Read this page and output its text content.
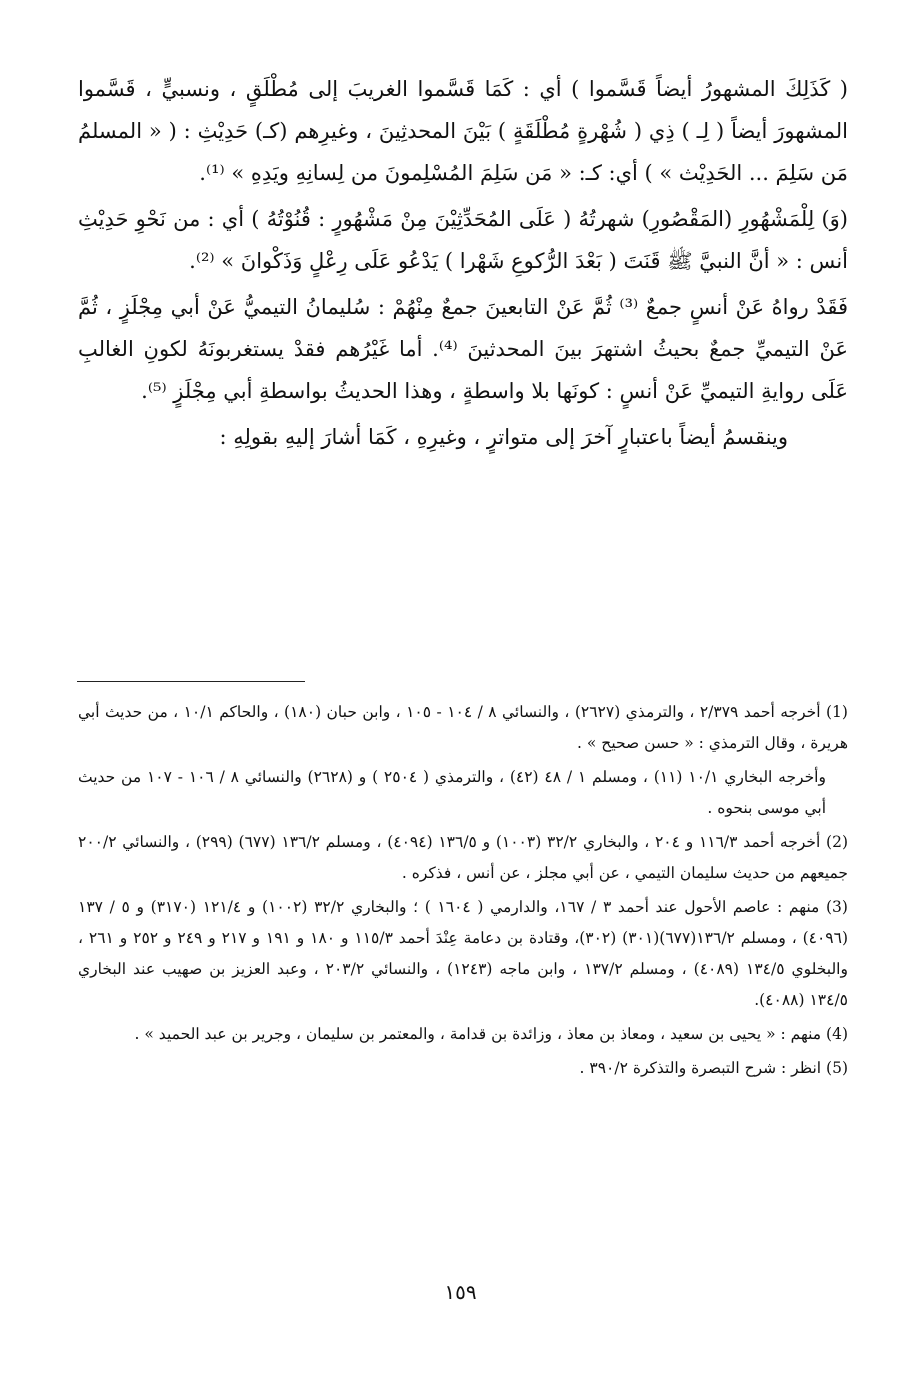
( كَذَلِكَ المشهورُ أيضاً قَسَّموا ) أي : كَمَا قَسَّموا الغريبَ إلى مُطْلَقٍ ، ونسبيٍّ ، قَسَّموا المشهورَ أيضاً ( لِـ ) ذِي ( شُهْرةٍ مُطْلَقَةٍ ) بَيْنَ المحدثِينَ ، وغيرِهم (كـ) حَدِيْثِ : ( « المسلمُ مَن سَلِمَ ... الحَدِيْث » ) أي: كـ: « مَن سَلِمَ المُسْلِمونَ من لِسانِهِ ويَدِهِ » ⁽¹⁾.

(وَ) لِلْمَشْهُورِ (المَقْصُورِ) شهرتُهُ ( عَلَى المُحَدِّثِيْنَ مِنْ مَشْهُورٍ : قُنُوْتُهُ ) أي : من نَحْوِ حَدِيْثِ أنس : « أنَّ النبيَّ ﷺ قَنَتَ ( بَعْدَ الرُّكوعِ شَهْرا ) يَدْعُو عَلَى رِعْلٍ وَذَكْوانَ » ⁽²⁾.

فَقَدْ رواهُ عَنْ أنسٍ جمعٌ ⁽³⁾ ثُمَّ عَنْ التابعينَ جمعٌ مِنْهُمْ : سُليمانُ التيميُّ عَنْ أبي مِجْلَزٍ ، ثُمَّ عَنْ التيميِّ جمعٌ بحيثُ اشتهرَ بينَ المحدثينَ ⁽⁴⁾. أما غَيْرُهم فقدْ يستغربونَهُ لكونِ الغالبِ عَلَى روايةِ التيميِّ عَنْ أنسٍ : كونَها بلا واسطةٍ ، وهذا الحديثُ بواسطةِ أبي مِجْلَزٍ ⁽⁵⁾.

وينقسمُ أيضاً باعتبارٍ آخرَ إلى متواترٍ ، وغيرِهِ ، كَمَا أشارَ إليهِ بقولِهِ :

(1) أخرجه أحمد ٢/٣٧٩ ، والترمذي (٢٦٢٧) ، والنسائي ٨ / ١٠٤ - ١٠٥ ، وابن حبان (١٨٠) ، والحاكم ١٠/١ ، من حديث أبي هريرة ، وقال الترمذي : « حسن صحيح » .

وأخرجه البخاري ١٠/١ (١١) ، ومسلم ١ / ٤٨ (٤٢) ، والترمذي ( ٢٥٠٤ ) و (٢٦٢٨) والنسائي ٨ / ١٠٦ - ١٠٧ من حديث أبي موسى بنحوه .

(2) أخرجه أحمد ١١٦/٣ و ٢٠٤ ، والبخاري ٣٢/٢ (١٠٠٣) و ١٣٦/٥ (٤٠٩٤) ، ومسلم ١٣٦/٢ (٦٧٧) (٢٩٩) ، والنسائي ٢٠٠/٢ جميعهم من حديث سليمان التيمي ، عن أبي مجلز ، عن أنس ، فذكره .

(3) منهم : عاصم الأحول عند أحمد ٣ / ١٦٧، والدارمي ( ١٦٠٤ ) ؛ والبخاري ٣٢/٢ (١٠٠٢) و ١٢١/٤ (٣١٧٠) و ٥ / ١٣٧ (٤٠٩٦) ، ومسلم ١٣٦/٢(٦٧٧)(٣٠١) (٣٠٢)، وقتادة بن دعامة عِنْدَ أحمد ١١٥/٣ و ١٨٠ و ١٩١ و ٢١٧ و ٢٤٩ و ٢٥٢ و ٢٦١ ، والبخلوي ١٣٤/٥ (٤٠٨٩) ، ومسلم ١٣٧/٢ ، وابن ماجه (١٢٤٣) ، والنسائي ٢٠٣/٢ ، وعبد العزيز بن صهيب عند البخاري ١٣٤/٥ (٤٠٨٨).

(4) منهم : « يحيى بن سعيد ، ومعاذ بن معاذ ، وزائدة بن قدامة ، والمعتمر بن سليمان ، وجرير بن عبد الحميد » .

(5) انظر : شرح التبصرة والتذكرة ٣٩٠/٢ .

١٥٩
